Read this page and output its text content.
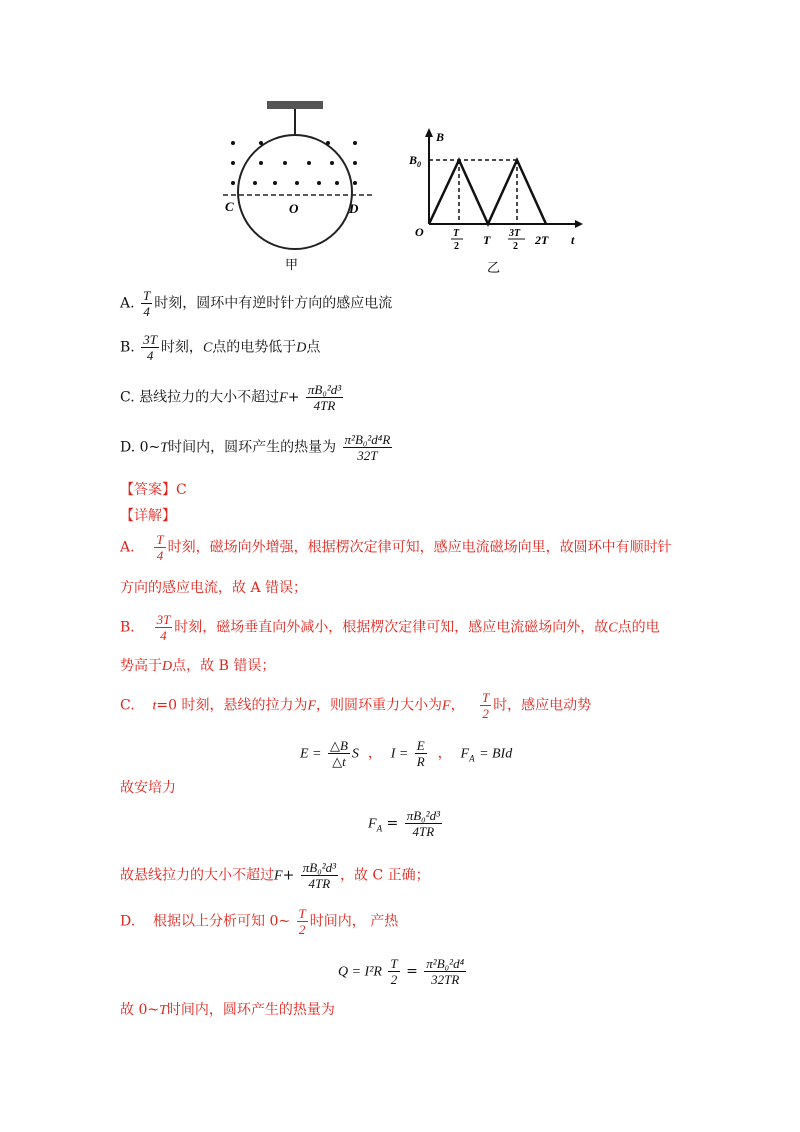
C	O	D
甲
B
$B_0$
O	T
2 T 3T
2 2T t
乙
A. $\frac{T}{4}$ 时刻，圆环中有逆时针方向的感应电流
B. $\frac{3T}{4}$ 时刻，C点的电势低于D点
C. 悬线拉力的大小不超过$F+ \frac{\text{πB₀²d³}}{4TR}$
D. 0~T时间内，圆环产生的热量为 $\frac{\text{π²B₀²d⁴R}}{32T}$
【答案】C
【详解】
A. $\frac{T}{4}$ 时刻，磁场向外增强，根据楞次定律可知，感应电流磁场向里，故圆环中有顺时针
方向的感应电流，故 A 错误；
B. $\frac{3T}{4}$ 时刻，磁场垂直向外减小，根据楞次定律可知，感应电流磁场向外，故C点的电
势高于D点，故 B 错误；
C. t=0 时刻，悬线的拉力为F，则圆环重力大小为F， $\frac{T}{2}$ 时，感应电动势
$E = \frac{\triangle B}{\triangle t}$ S ， $I = \frac{E}{R}$ ， $F_A$ = BId
故安培力
$F_A = \frac{\text{πB₀²d³}}{4TR}$
故悬线拉力的大小不超过$F+ \frac{\text{πB₀²d³}}{4TR}$ ，故 C 正确；
D. 根据以上分析可知 0~ $\frac{T}{2}$ 时间内， 产热
$Q = I^2R \frac{T}{2} = \frac{\text{π²B₀²d⁴}}{32TR}$
故 0~T时间内，圆环产生的热量为
